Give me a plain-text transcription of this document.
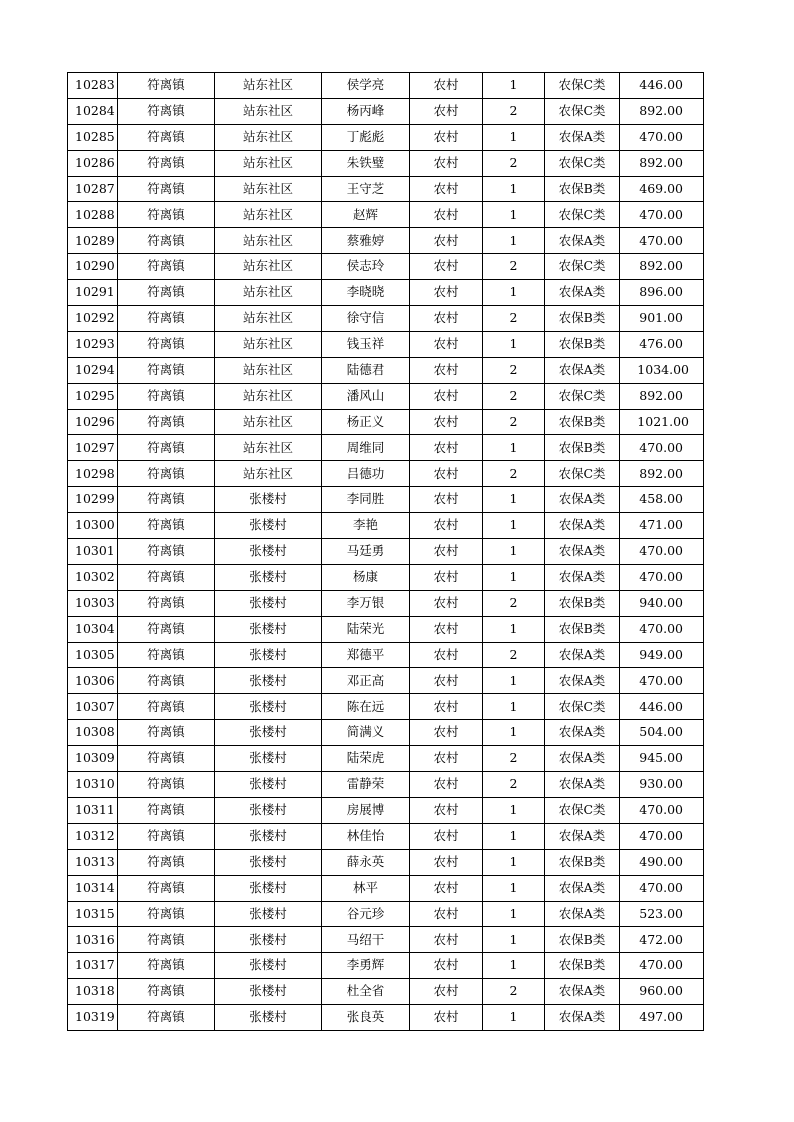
10283	符离镇	站东社区	侯学亮	农村	1	农保C类	446.00
10284	符离镇	站东社区	杨丙峰	农村	2	农保C类	892.00
10285	符离镇	站东社区	丁彪彪	农村	1	农保A类	470.00
10286	符离镇	站东社区	朱铁璧	农村	2	农保C类	892.00
10287	符离镇	站东社区	王守芝	农村	1	农保B类	469.00
10288	符离镇	站东社区	赵辉	农村	1	农保C类	470.00
10289	符离镇	站东社区	蔡雅婷	农村	1	农保A类	470.00
10290	符离镇	站东社区	侯志玲	农村	2	农保C类	892.00
10291	符离镇	站东社区	李晓晓	农村	1	农保A类	896.00
10292	符离镇	站东社区	徐守信	农村	2	农保B类	901.00
10293	符离镇	站东社区	钱玉祥	农村	1	农保B类	476.00
10294	符离镇	站东社区	陆德君	农村	2	农保A类	1034.00
10295	符离镇	站东社区	潘风山	农村	2	农保C类	892.00
10296	符离镇	站东社区	杨正义	农村	2	农保B类	1021.00
10297	符离镇	站东社区	周维同	农村	1	农保B类	470.00
10298	符离镇	站东社区	吕德功	农村	2	农保C类	892.00
10299	符离镇	张楼村	李同胜	农村	1	农保A类	458.00
10300	符离镇	张楼村	李艳	农村	1	农保A类	471.00
10301	符离镇	张楼村	马廷勇	农村	1	农保A类	470.00
10302	符离镇	张楼村	杨康	农村	1	农保A类	470.00
10303	符离镇	张楼村	李万银	农村	2	农保B类	940.00
10304	符离镇	张楼村	陆荣光	农村	1	农保B类	470.00
10305	符离镇	张楼村	郑德平	农村	2	农保A类	949.00
10306	符离镇	张楼村	邓正高	农村	1	农保A类	470.00
10307	符离镇	张楼村	陈在远	农村	1	农保C类	446.00
10308	符离镇	张楼村	简满义	农村	1	农保A类	504.00
10309	符离镇	张楼村	陆荣虎	农村	2	农保A类	945.00
10310	符离镇	张楼村	雷静荣	农村	2	农保A类	930.00
10311	符离镇	张楼村	房展博	农村	1	农保C类	470.00
10312	符离镇	张楼村	林佳怡	农村	1	农保A类	470.00
10313	符离镇	张楼村	薛永英	农村	1	农保B类	490.00
10314	符离镇	张楼村	林平	农村	1	农保A类	470.00
10315	符离镇	张楼村	谷元珍	农村	1	农保A类	523.00
10316	符离镇	张楼村	马绍干	农村	1	农保B类	472.00
10317	符离镇	张楼村	李勇辉	农村	1	农保B类	470.00
10318	符离镇	张楼村	杜全省	农村	2	农保A类	960.00
10319	符离镇	张楼村	张良英	农村	1	农保A类	497.00
